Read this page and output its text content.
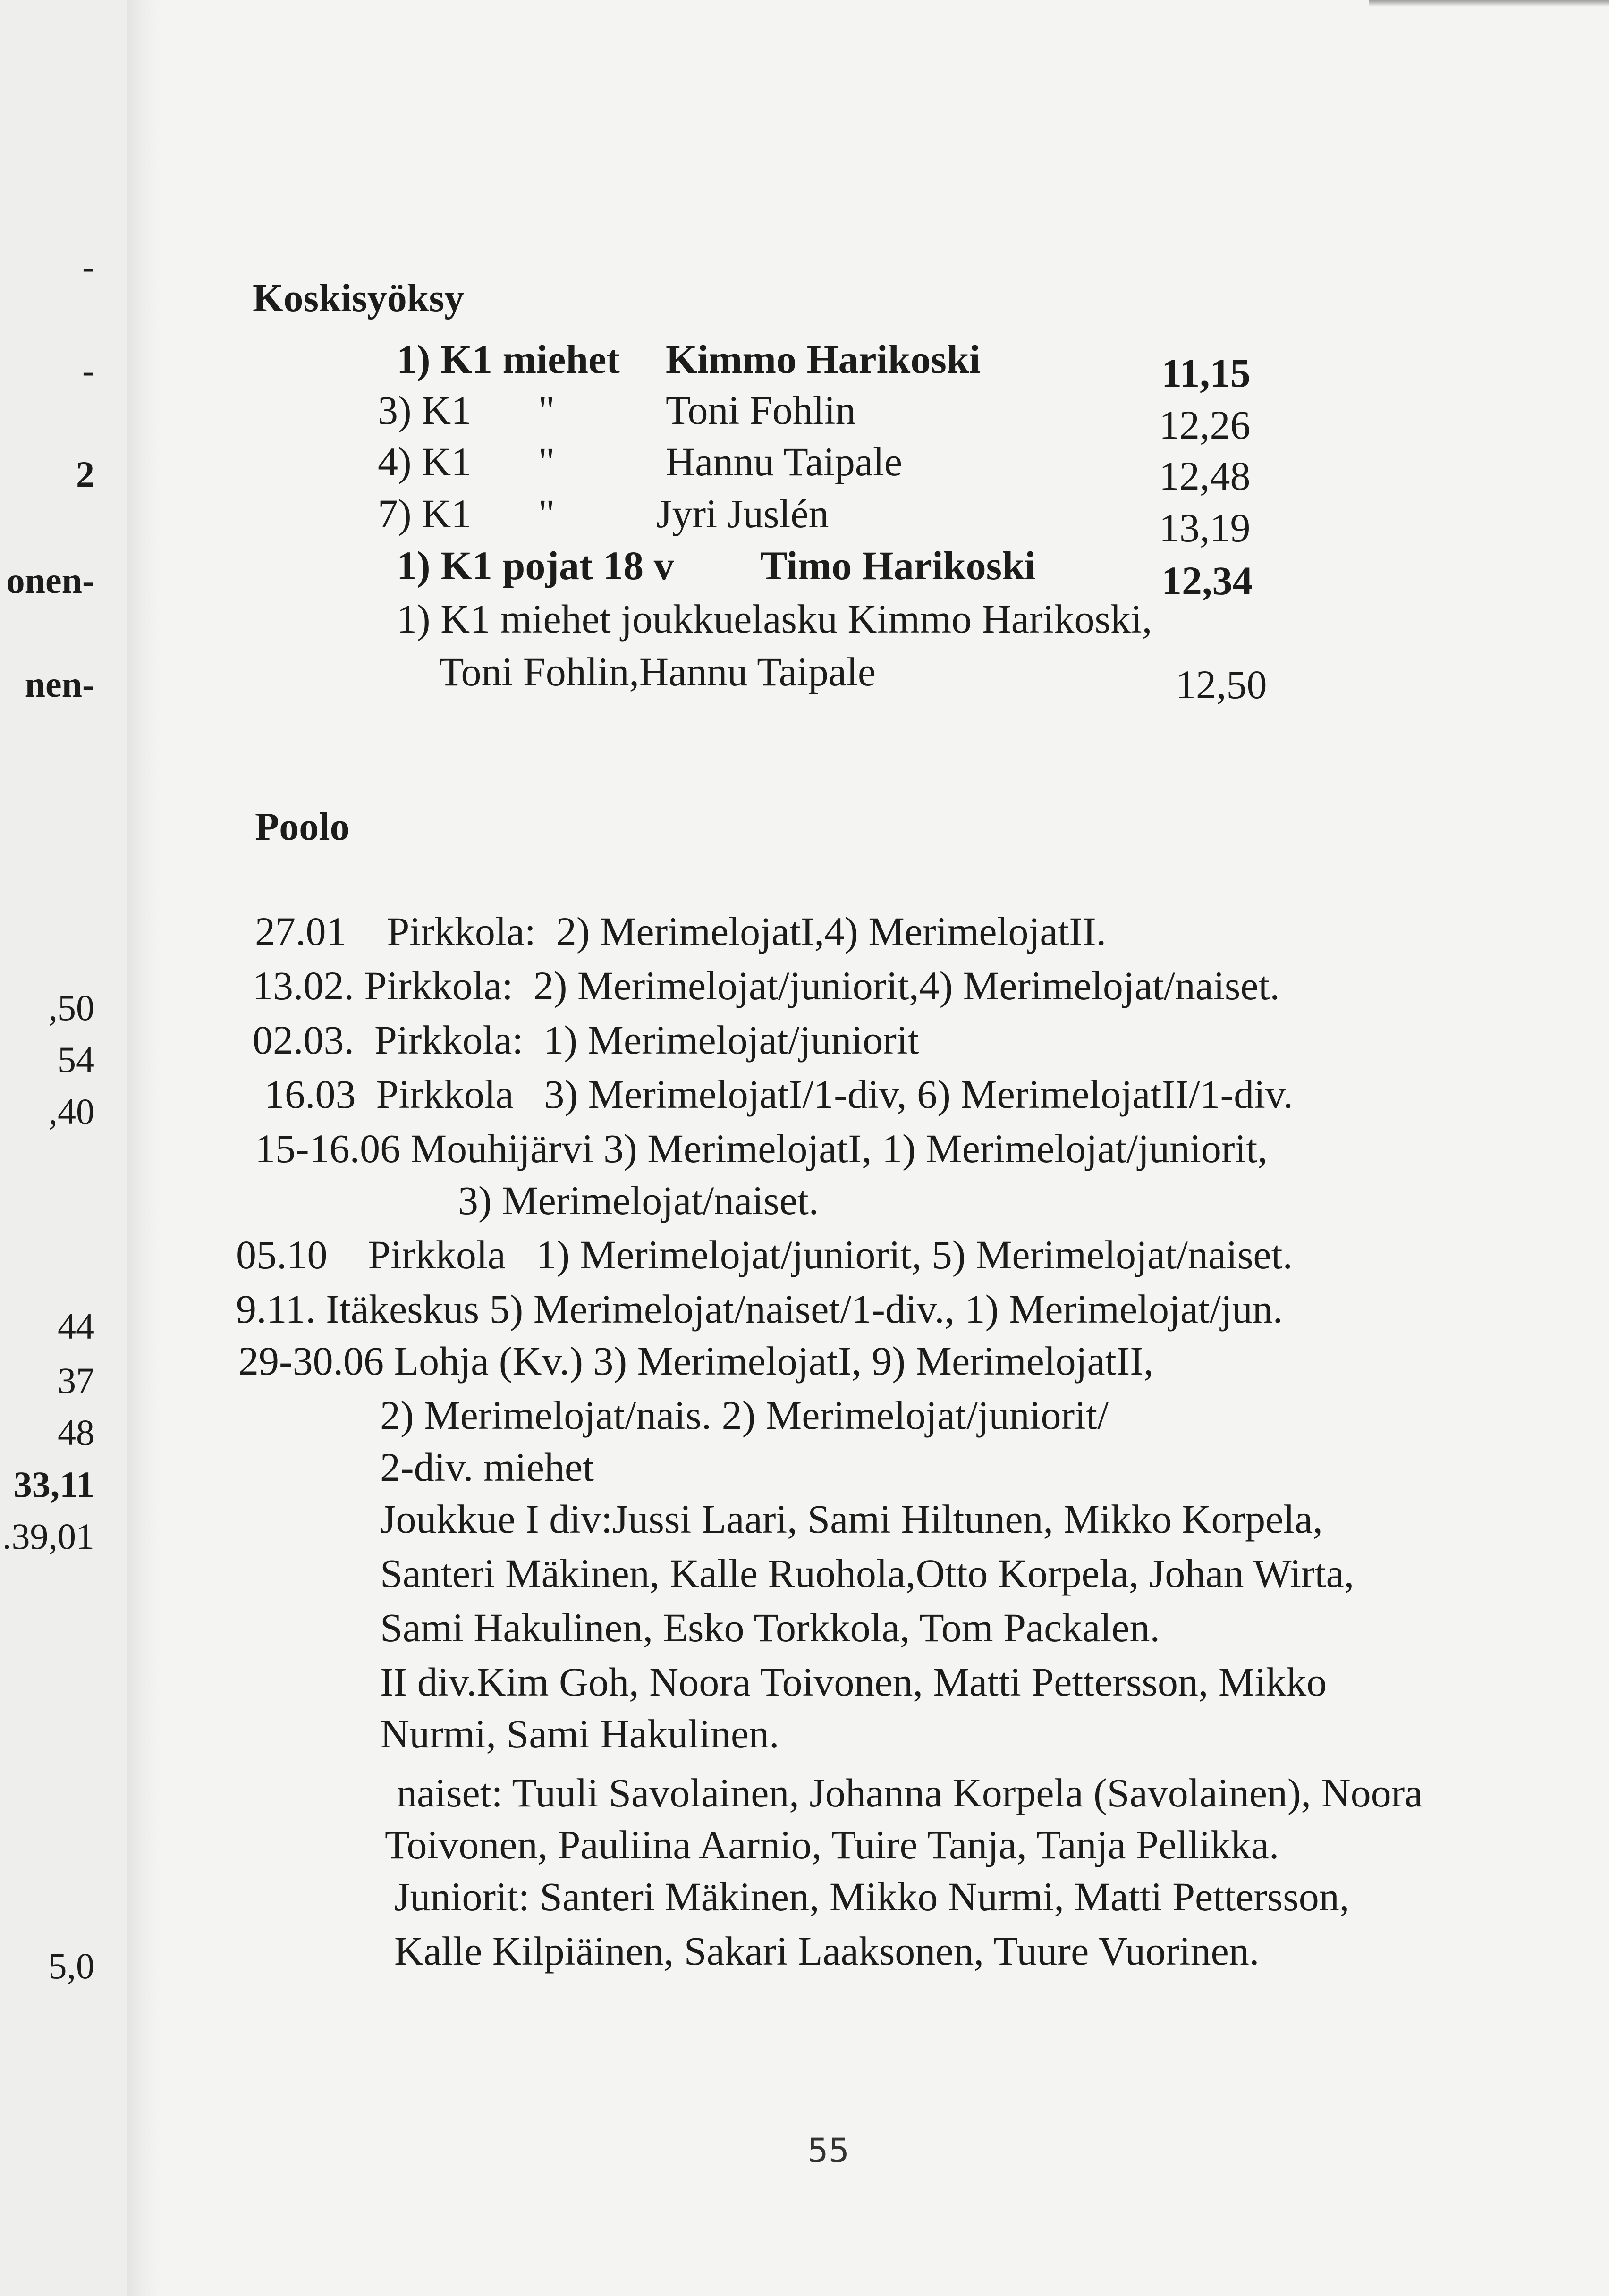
-
-
2
onen-
nen-
,50
54
,40
44
37
48
33,11
.39,01
5,0
Koskisyöksy
1) K1 miehet Kimmo Harikoski	11,15
3) K1 "	Toni Fohlin	12,26
4) K1 "	Hannu Taipale	12,48
7) K1 " Jyri Juslén	13,19
1) K1 pojat 18 v Timo Harikoski	12,34
1) K1 miehet joukkuelasku Kimmo Harikoski,
Toni Fohlin,Hannu Taipale	12,50
Poolo
27.01    Pirkkola:  2) MerimelojatI,4) MerimelojatII.
13.02. Pirkkola:  2) Merimelojat/juniorit,4) Merimelojat/naiset.
02.03.  Pirkkola:  1) Merimelojat/juniorit
16.03  Pirkkola   3) MerimelojatI/1-div, 6) MerimelojatII/1-div.
15-16.06 Mouhijärvi 3) MerimelojatI, 1) Merimelojat/juniorit,
3) Merimelojat/naiset.
05.10    Pirkkola   1) Merimelojat/juniorit, 5) Merimelojat/naiset.
9.11. Itäkeskus 5) Merimelojat/naiset/1-div., 1) Merimelojat/jun.
29-30.06 Lohja (Kv.) 3) MerimelojatI, 9) MerimelojatII,
2) Merimelojat/nais. 2) Merimelojat/juniorit/
2-div. miehet
Joukkue I div:Jussi Laari, Sami Hiltunen, Mikko Korpela,
Santeri Mäkinen, Kalle Ruohola,Otto Korpela, Johan Wirta,
Sami Hakulinen, Esko Torkkola, Tom Packalen.
II div.Kim Goh, Noora Toivonen, Matti Pettersson, Mikko
Nurmi, Sami Hakulinen.
naiset: Tuuli Savolainen, Johanna Korpela (Savolainen), Noora
Toivonen, Pauliina Aarnio, Tuire Tanja, Tanja Pellikka.
Juniorit: Santeri Mäkinen, Mikko Nurmi, Matti Pettersson,
Kalle Kilpiäinen, Sakari Laaksonen, Tuure Vuorinen.
55
